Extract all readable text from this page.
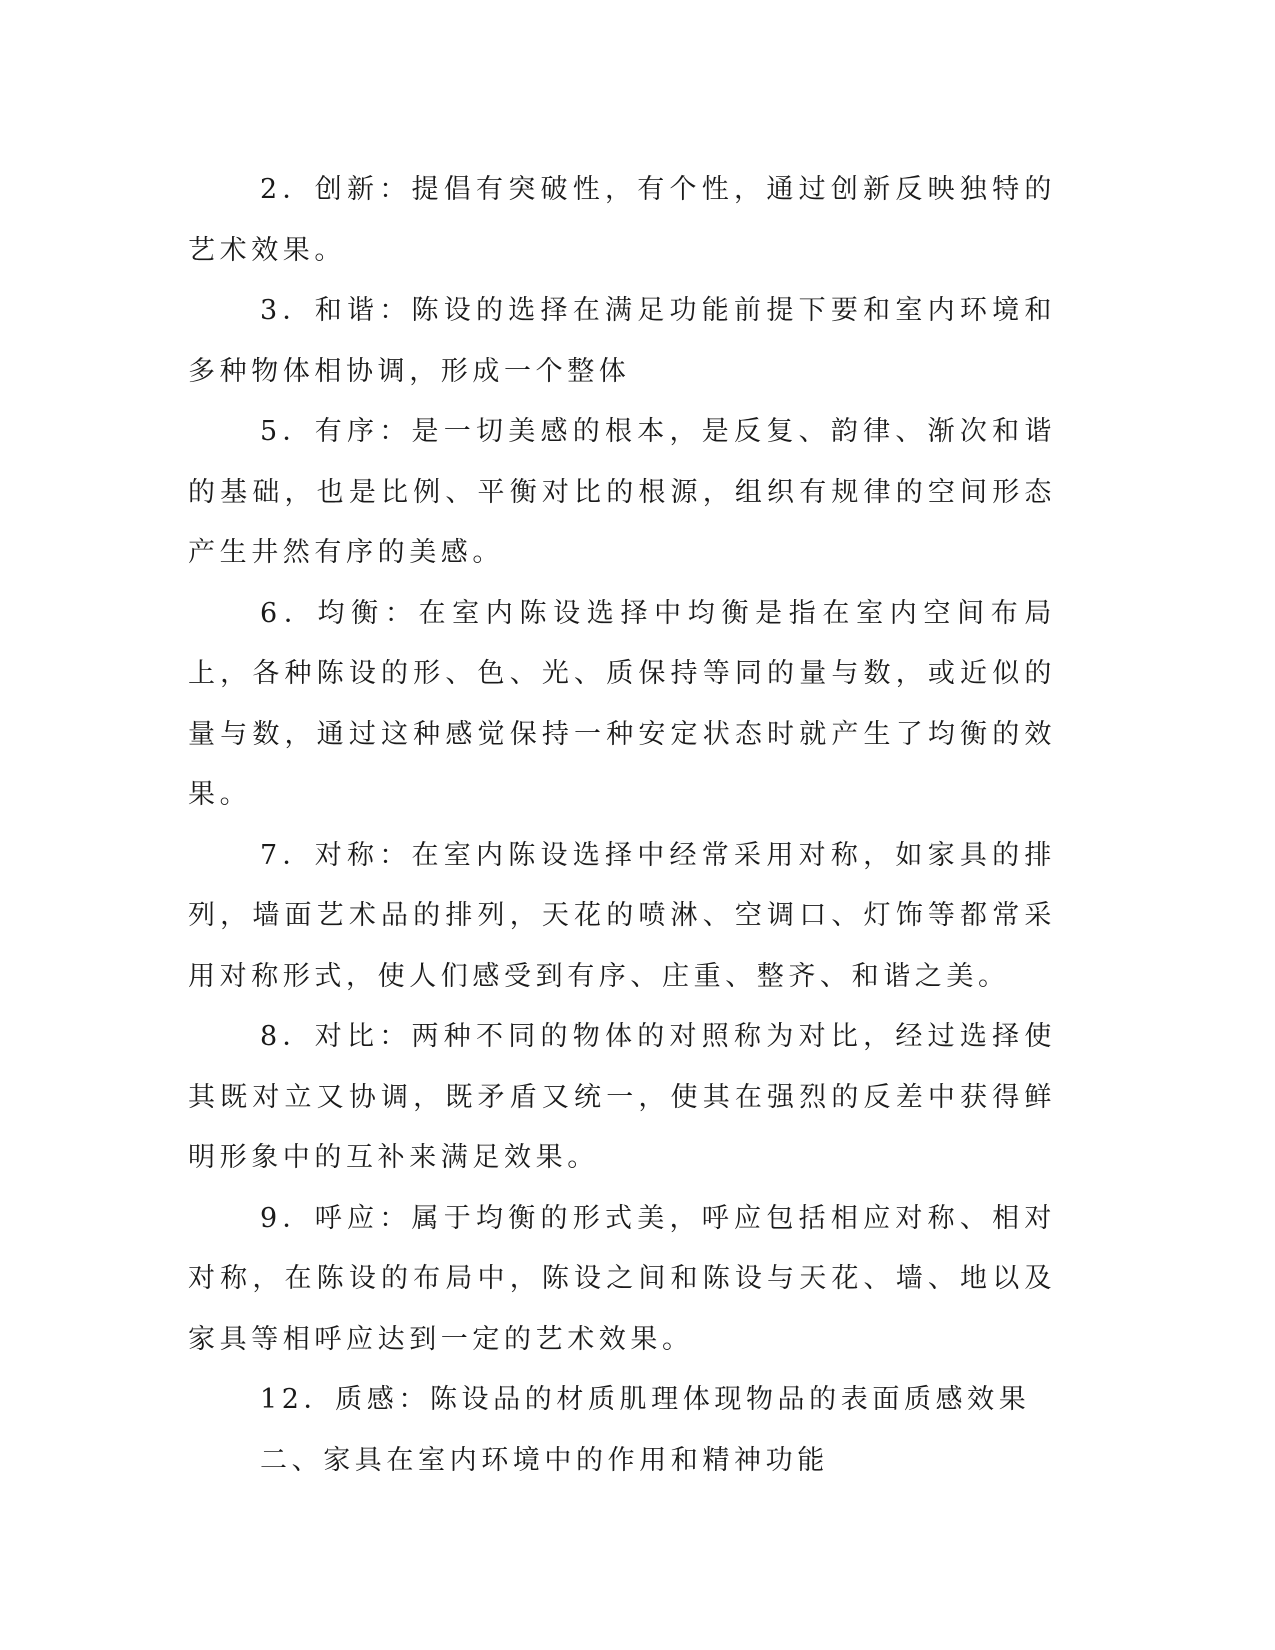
2．创新：提倡有突破性，有个性，通过创新反映独特的艺术效果。

3．和谐：陈设的选择在满足功能前提下要和室内环境和多种物体相协调，形成一个整体

5．有序：是一切美感的根本，是反复、韵律、渐次和谐的基础，也是比例、平衡对比的根源，组织有规律的空间形态产生井然有序的美感。

6．均衡：在室内陈设选择中均衡是指在室内空间布局上，各种陈设的形、色、光、质保持等同的量与数，或近似的量与数，通过这种感觉保持一种安定状态时就产生了均衡的效果。

7．对称：在室内陈设选择中经常采用对称，如家具的排列，墙面艺术品的排列，天花的喷淋、空调口、灯饰等都常采用对称形式，使人们感受到有序、庄重、整齐、和谐之美。

8．对比：两种不同的物体的对照称为对比，经过选择使其既对立又协调，既矛盾又统一，使其在强烈的反差中获得鲜明形象中的互补来满足效果。

9．呼应：属于均衡的形式美，呼应包括相应对称、相对对称，在陈设的布局中，陈设之间和陈设与天花、墙、地以及家具等相呼应达到一定的艺术效果。

12．质感：陈设品的材质肌理体现物品的表面质感效果

二、家具在室内环境中的作用和精神功能
